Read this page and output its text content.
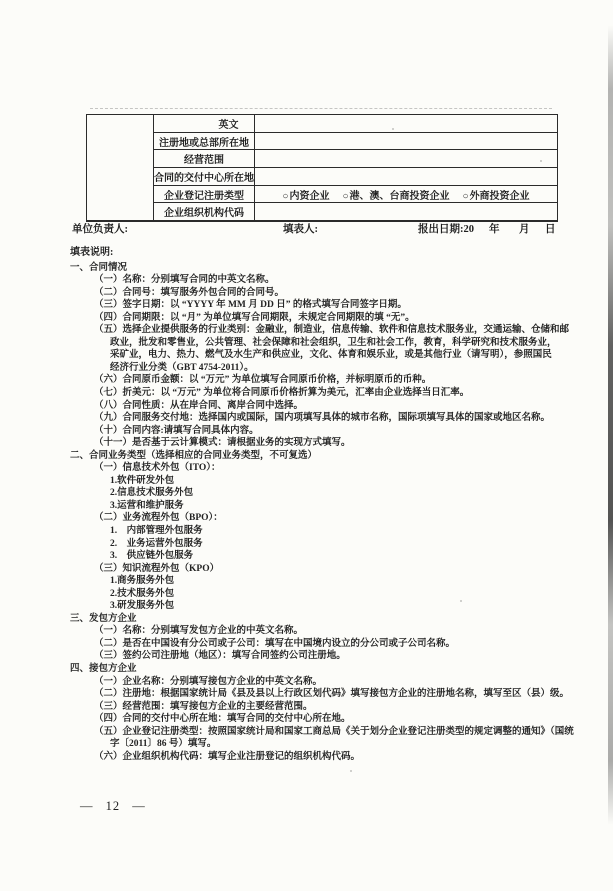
英文
注册地或总部所在地
经营范围
合同的交付中心所在地
企业登记注册类型	○内资企业 ○港、澳、台商投资企业 ○外商投资企业
企业组织机构代码
单位负责人:	填表人:	报出日期:20 年 月 日
填表说明:
一、合同情况
（一）名称：分别填写合同的中英文名称。
（二）合同号：填写服务外包合同的合同号。
（三）签字日期：以 “YYYY 年 MM 月 DD 日” 的格式填写合同签字日期。
（四）合同期限：以 “月” 为单位填写合同期限，未规定合同期限的填 “无”。
（五）选择企业提供服务的行业类别：金融业，制造业，信息传输、软件和信息技术服务业，交通运输、仓储和邮
政业，批发和零售业，公共管理、社会保障和社会组织，卫生和社会工作，教育，科学研究和技术服务业，
采矿业，电力、热力、燃气及水生产和供应业，文化、体育和娱乐业，或是其他行业（请写明），参照国民
经济行业分类（GBT 4754-2011）。
（六）合同原币金额：以 “万元” 为单位填写合同原币价格，并标明原币的币种。
（七）折美元：以 “万元” 为单位将合同原币价格折算为美元，汇率由企业选择当日汇率。
（八）合同性质：从在岸合同、离岸合同中选择。
（九）合同服务交付地：选择国内或国际，国内项填写具体的城市名称，国际项填写具体的国家或地区名称。
（十）合同内容:请填写合同具体内容。
（十一）是否基于云计算模式：请根据业务的实现方式填写。
二、合同业务类型（选择相应的合同业务类型，不可复选）
（一）信息技术外包（ITO）：
1.软件研发外包
2.信息技术服务外包
3.运营和维护服务
（二）业务流程外包（BPO）：
1.　内部管理外包服务
2.　业务运营外包服务
3.　供应链外包服务
（三）知识流程外包（KPO）
1.商务服务外包
2.技术服务外包
3.研发服务外包
三、发包方企业
（一）名称：分别填写发包方企业的中英文名称。
（二）是否在中国设有分公司或子公司：填写在中国境内设立的分公司或子公司名称。
（三）签约公司注册地（地区）：填写合同签约公司注册地。
四、接包方企业
（一）企业名称：分别填写接包方企业的中英文名称。
（二）注册地：根据国家统计局《县及县以上行政区划代码》填写接包方企业的注册地名称，填写至区（县）级。
（三）经营范围：填写接包方企业的主要经营范围。
（四）合同的交付中心所在地：填写合同的交付中心所在地。
（五）企业登记注册类型：按照国家统计局和国家工商总局《关于划分企业登记注册类型的规定调整的通知》（国统
字〔2011〕86 号）填写。
（六）企业组织机构代码：填写企业注册登记的组织机构代码。
— 12 —
